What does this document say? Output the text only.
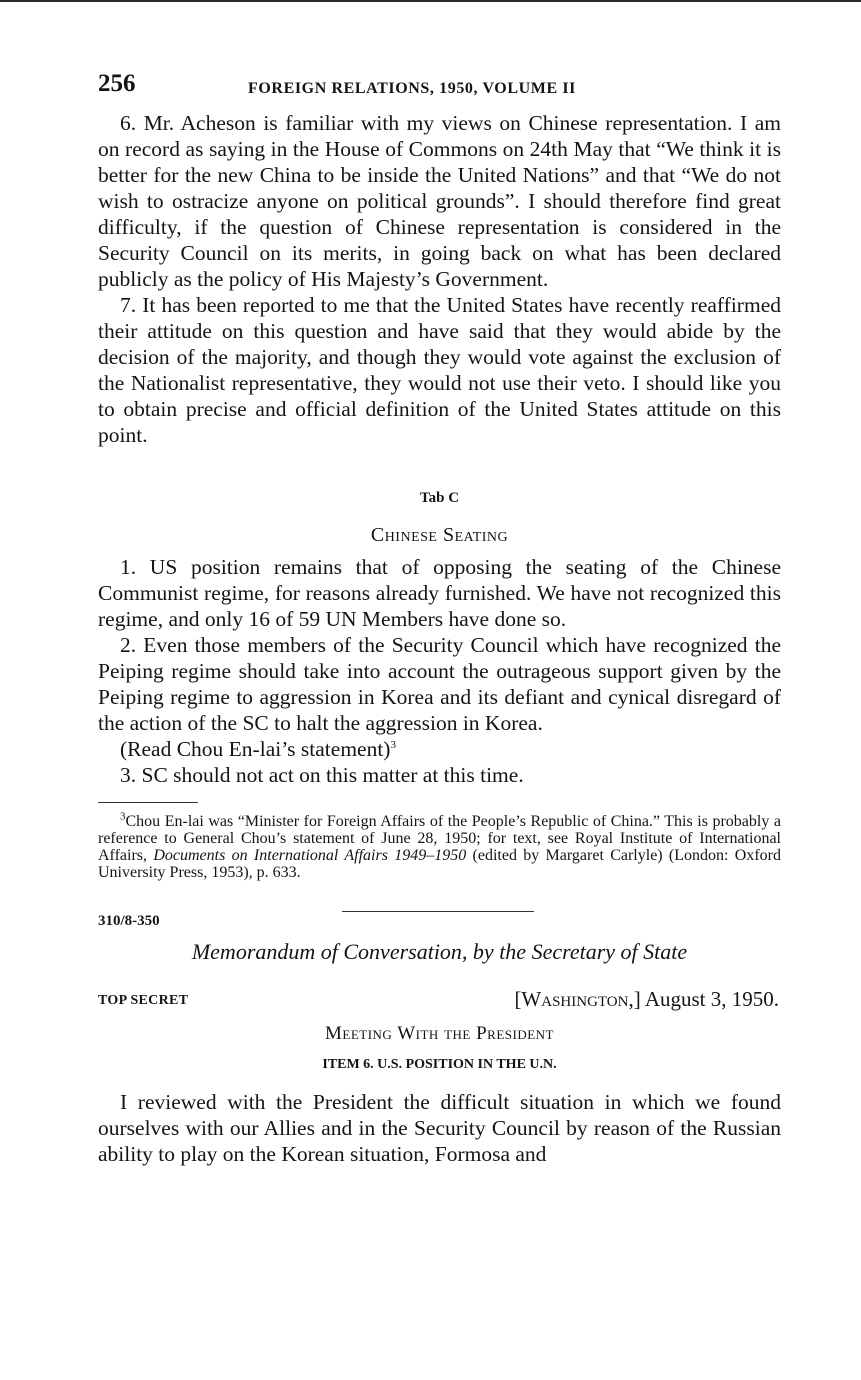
256	FOREIGN RELATIONS, 1950, VOLUME II

6. Mr. Acheson is familiar with my views on Chinese representation. I am on record as saying in the House of Commons on 24th May that “We think it is better for the new China to be inside the United Nations” and that “We do not wish to ostracize anyone on political grounds”. I should therefore find great difficulty, if the question of Chinese representation is considered in the Security Council on its merits, in going back on what has been declared publicly as the policy of His Majesty’s Government.

7. It has been reported to me that the United States have recently reaffirmed their attitude on this question and have said that they would abide by the decision of the majority, and though they would vote against the exclusion of the Nationalist representative, they would not use their veto. I should like you to obtain precise and official definition of the United States attitude on this point.

Tab C
Chinese Seating

1. US position remains that of opposing the seating of the Chinese Communist regime, for reasons already furnished. We have not recognized this regime, and only 16 of 59 UN Members have done so.

2. Even those members of the Security Council which have recognized the Peiping regime should take into account the outrageous support given by the Peiping regime to aggression in Korea and its defiant and cynical disregard of the action of the SC to halt the aggression in Korea.

(Read Chou En-lai’s statement)$^3$

3. SC should not act on this matter at this time.

$^3$Chou En-lai was “Minister for Foreign Affairs of the People’s Republic of China.” This is probably a reference to General Chou’s statement of June 28, 1950; for text, see Royal Institute of International Affairs, Documents on International Affairs 1949–1950 (edited by Margaret Carlyle) (London: Oxford University Press, 1953), p. 633.
310/8-350
Memorandum of Conversation, by the Secretary of State
TOP SECRET	[Washington,] August 3, 1950.
Meeting With the President
ITEM 6. U.S. POSITION IN THE U.N.

I reviewed with the President the difficult situation in which we found ourselves with our Allies and in the Security Council by reason of the Russian ability to play on the Korean situation, Formosa and
